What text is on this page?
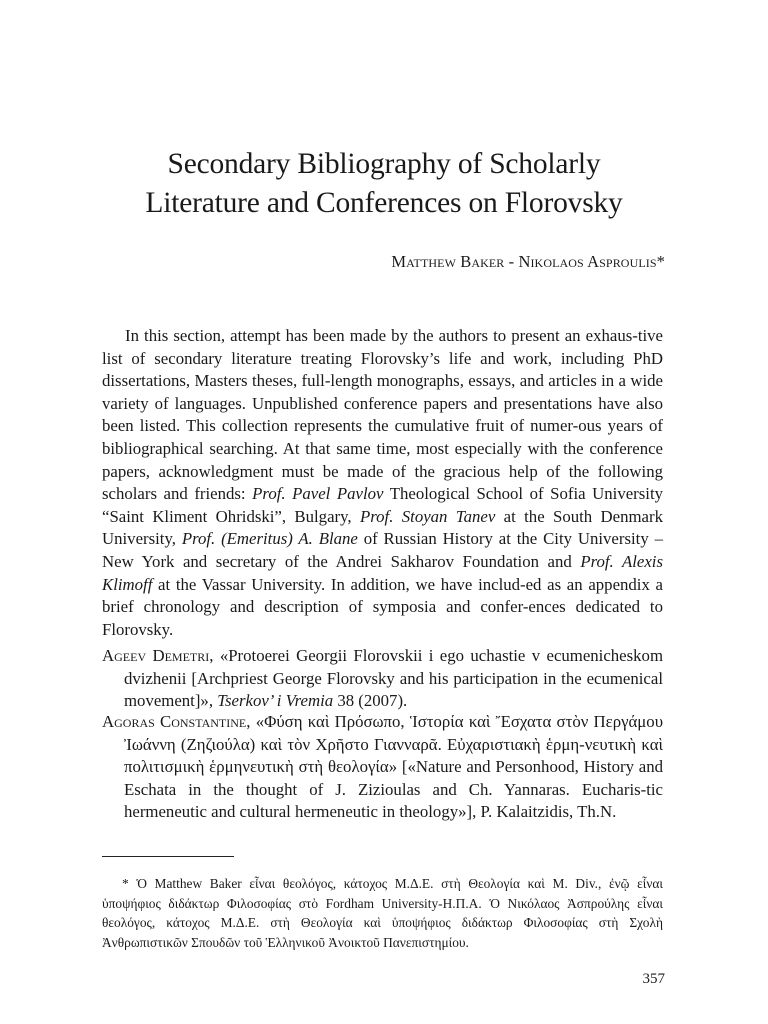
Secondary Bibliography of Scholarly
Literature and Conferences on Florovsky
Matthew Baker - Nikolaos Asproulis*

In this section, attempt has been made by the authors to present an exhaus-tive list of secondary literature treating Florovsky’s life and work, including PhD dissertations, Masters theses, full-length monographs, essays, and articles in a wide variety of languages. Unpublished conference papers and presentations have also been listed. This collection represents the cumulative fruit of numer-ous years of bibliographical searching. At that same time, most especially with the conference papers, acknowledgment must be made of the gracious help of the following scholars and friends: Prof. Pavel Pavlov Theological School of Sofia University “Saint Kliment Ohridski”, Bulgary, Prof. Stoyan Tanev at the South Denmark University, Prof. (Emeritus) A. Blane of Russian History at the City University – New York and secretary of the Andrei Sakharov Foundation and Prof. Alexis Klimoff at the Vassar University. In addition, we have includ-ed as an appendix a brief chronology and description of symposia and confer-ences dedicated to Florovsky.

Ageev Demetri, «Protoerei Georgii Florovskii i ego uchastie v ecumenicheskom dvizhenii [Archpriest George Florovsky and his participation in the ecumenical movement]», Tserkov’ i Vremia 38 (2007).

Agoras Constantine, «Φύση καὶ Πρόσωπο, Ἱστορία καὶ Ἔσχατα στὸν Περγάμου Ἰωάννη (Ζηζιούλα) καὶ τὸν Χρῆστο Γιανναρᾶ. Εὐχαριστιακὴ ἑρμη-νευτικὴ καὶ πολιτισμικὴ ἑρμηνευτικὴ στὴ θεολογία» [«Nature and Personhood, History and Eschata in the thought of J. Zizioulas and Ch. Yannaras. Eucharis-tic hermeneutic and cultural hermeneutic in theology»], P. Kalaitzidis, Th.N.

* Ὁ Matthew Baker εἶναι θεολόγος, κάτοχος Μ.Δ.Ε. στὴ Θεολογία καὶ M. Div., ἐνῷ εἶναι ὑποψήφιος διδάκτωρ Φιλοσοφίας στὸ Fordham University-Η.Π.Α. Ὁ Νικόλαος Ἀσπρούλης εἶναι θεολόγος, κάτοχος Μ.Δ.Ε. στὴ Θεολογία καὶ ὑποψήφιος διδάκτωρ Φιλοσοφίας στὴ Σχολὴ Ἀνθρωπιστικῶν Σπουδῶν τοῦ Ἑλληνικοῦ Ἀνοικτοῦ Πανεπιστημίου.

357
